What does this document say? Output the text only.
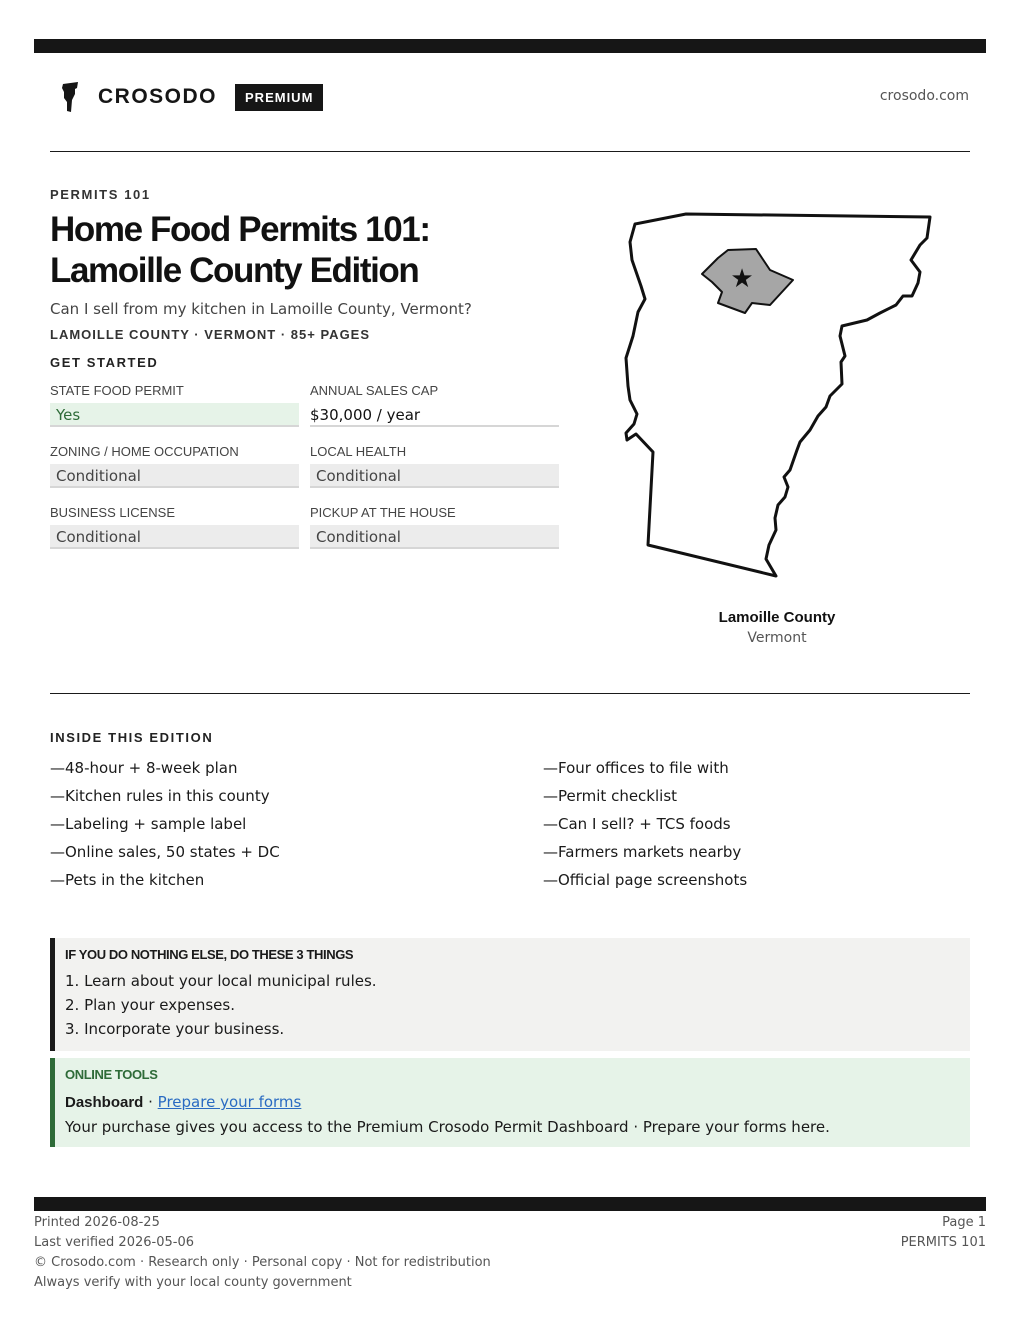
CROSODO	PREMIUM	crosodo.com
PERMITS 101
Home Food Permits 101:
Lamoille County Edition
Can I sell from my kitchen in Lamoille County, Vermont?
LAMOILLE COUNTY · VERMONT · 85+ PAGES
GET STARTED
STATE FOOD PERMIT
Yes
ANNUAL SALES CAP
$30,000 / year
ZONING / HOME OCCUPATION
Conditional
LOCAL HEALTH
Conditional
BUSINESS LICENSE
Conditional
PICKUP AT THE HOUSE
Conditional
★
Lamoille County
Vermont
INSIDE THIS EDITION
—48-hour + 8-week plan	—Four offices to file with
—Kitchen rules in this county	—Permit checklist
—Labeling + sample label	—Can I sell? + TCS foods
—Online sales, 50 states + DC	—Farmers markets nearby
—Pets in the kitchen	—Official page screenshots
IF YOU DO NOTHING ELSE, DO THESE 3 THINGS
1. Learn about your local municipal rules.
2. Plan your expenses.
3. Incorporate your business.
ONLINE TOOLS
Dashboard · Prepare your forms
Your purchase gives you access to the Premium Crosodo Permit Dashboard · Prepare your forms here.
Printed 2026-08-25
Last verified 2026-05-06
© Crosodo.com · Research only · Personal copy · Not for redistribution
Always verify with your local county government
Page 1
PERMITS 101
